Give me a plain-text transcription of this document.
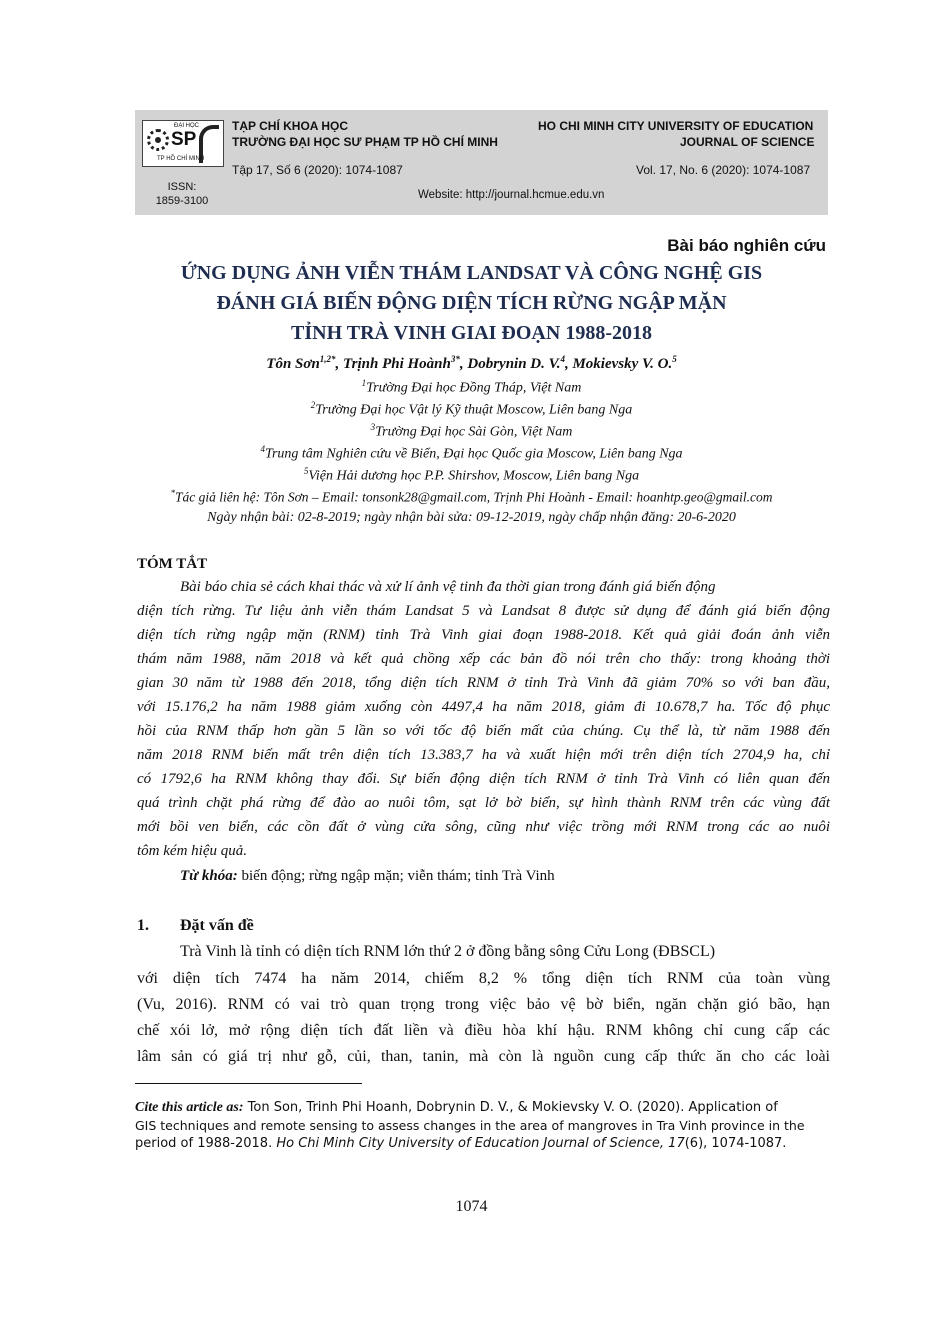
ĐẠI HỌC
SP
TP HỒ CHÍ MINH
TẠP CHÍ KHOA HỌC
TRƯỜNG ĐẠI HỌC SƯ PHẠM TP HỒ CHÍ MINH
HO CHI MINH CITY UNIVERSITY OF EDUCATION
JOURNAL OF SCIENCE
Tập 17, Số 6 (2020): 1074-1087	Vol. 17, No. 6 (2020): 1074-1087
ISSN:
1859-3100	Website: http://journal.hcmue.edu.vn
Bài báo nghiên cứu
ỨNG DỤNG ẢNH VIỄN THÁM LANDSAT VÀ CÔNG NGHỆ GIS
ĐÁNH GIÁ BIẾN ĐỘNG DIỆN TÍCH RỪNG NGẬP MẶN
TỈNH TRÀ VINH GIAI ĐOẠN 1988-2018
Tôn Sơn$^{1,2*}$, Trịnh Phi Hoành$^{3*}$, Dobrynin D. V.$^4$, Mokievsky V. O.$^5$
$^1$Trường Đại học Đồng Tháp, Việt Nam
$^2$Trường Đại học Vật lý Kỹ thuật Moscow, Liên bang Nga
$^3$Trường Đại học Sài Gòn, Việt Nam
$^4$Trung tâm Nghiên cứu về Biển, Đại học Quốc gia Moscow, Liên bang Nga
$^5$Viện Hải dương học P.P. Shirshov, Moscow, Liên bang Nga
*Tác giả liên hệ: Tôn Sơn – Email: tonsonk28@gmail.com, Trịnh Phi Hoành - Email: hoanhtp.geo@gmail.com
Ngày nhận bài: 02-8-2019; ngày nhận bài sửa: 09-12-2019, ngày chấp nhận đăng: 20-6-2020
TÓM TẮT
Bài báo chia sẻ cách khai thác và xử lí ảnh vệ tinh đa thời gian trong đánh giá biến động
diện tích rừng. Tư liệu ảnh viễn thám Landsat 5 và Landsat 8 được sử dụng để đánh giá biến động
diện tích rừng ngập mặn (RNM) tỉnh Trà Vinh giai đoạn 1988-2018. Kết quả giải đoán ảnh viễn
thám năm 1988, năm 2018 và kết quả chồng xếp các bản đồ nói trên cho thấy: trong khoảng thời
gian 30 năm từ 1988 đến 2018, tổng diện tích RNM ở tỉnh Trà Vinh đã giảm 70% so với ban đầu,
với 15.176,2 ha năm 1988 giảm xuống còn 4497,4 ha năm 2018, giảm đi 10.678,7 ha. Tốc độ phục
hồi của RNM thấp hơn gần 5 lần so với tốc độ biến mất của chúng. Cụ thể là, từ năm 1988 đến
năm 2018 RNM biến mất trên diện tích 13.383,7 ha và xuất hiện mới trên diện tích 2704,9 ha, chỉ
có 1792,6 ha RNM không thay đổi. Sự biến động diện tích RNM ở tỉnh Trà Vinh có liên quan đến
quá trình chặt phá rừng để đào ao nuôi tôm, sạt lở bờ biển, sự hình thành RNM trên các vùng đất
mới bồi ven biển, các cồn đất ở vùng cửa sông, cũng như việc trồng mới RNM trong các ao nuôi
tôm kém hiệu quả.
Từ khóa: biến động; rừng ngập mặn; viễn thám; tỉnh Trà Vinh
1. Đặt vấn đề
Trà Vinh là tỉnh có diện tích RNM lớn thứ 2 ở đồng bằng sông Cửu Long (ĐBSCL)
với diện tích 7474 ha năm 2014, chiếm 8,2 % tổng diện tích RNM của toàn vùng
(Vu, 2016). RNM có vai trò quan trọng trong việc bảo vệ bờ biển, ngăn chặn gió bão, hạn
chế xói lở, mở rộng diện tích đất liền và điều hòa khí hậu. RNM không chỉ cung cấp các
lâm sản có giá trị như gỗ, củi, than, tanin, mà còn là nguồn cung cấp thức ăn cho các loài
Cite this article as: Ton Son, Trinh Phi Hoanh, Dobrynin D. V., & Mokievsky V. O. (2020). Application of
GIS techniques and remote sensing to assess changes in the area of mangroves in Tra Vinh province in the
period of 1988-2018. Ho Chi Minh City University of Education Journal of Science, 17(6), 1074-1087.
1074
